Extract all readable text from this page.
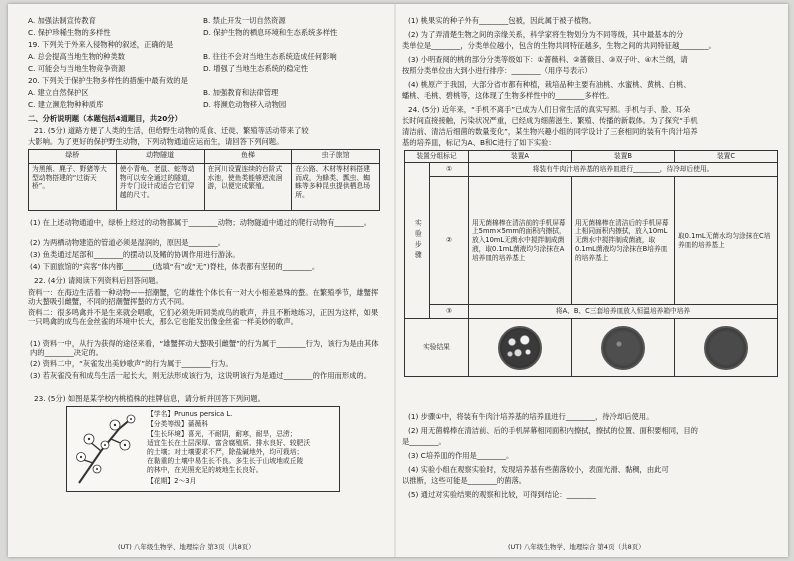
A. 加强法制宣传教育	B. 禁止开发一切自然资源
C. 保护珍稀生物的多样性	D. 保护生物的栖息环境和生态系统多样性
19. 下列关于外来入侵物种的叙述，正确的是
A. 总会提高当地生物的种类数	B. 往往不会对当地生态系统造成任何影响
C. 可能会与当地生物竞争资源	D. 增强了当地生态系统的稳定性
20. 下列关于保护生物多样性的措施中最有效的是
A. 建立自然保护区	B. 加强教育和法律管理
C. 建立濒危物种种质库	D. 将濒危动物移入动物园
二、分析说明题（本题包括4道题目，共20分）
21. (5分) 道路方便了人类的生活，但给野生动物的觅食、迁徙、繁殖等活动带来了较
大影响。为了更好的保护野生动物，下列动物通道应运而生，请回答下列问题。
绿桥	动物隧道	鱼梯	虫子旅馆
为黑熊、麂子、野猪等大型动物搭建的“过街天桥”。	使小青龟、老鼠、蛇等动物可以安全通过的隧道，并专门设计成适合它们穿越的尺寸。	在河川设置连续的台阶式水池，使鱼类能够逆流洄游，以便完成繁殖。	在公路、木材等材料搭建而成，为蜂类、瓢虫、蜘蛛等多种昆虫提供栖息场所。
(1) 在上述动物通道中，绿桥上经过的动物都属于________动物；动物隧道中通过的爬行动物有________。
(2) 为两栖动物建造的管道必须是湿润的，原因是________。
(3) 鱼类通过尾部和________的摆动以及鳍的协调作用进行游泳。
(4) 下面旅馆的“宾客”体内都________(选填“有”或“无”)脊柱，体表都有坚韧的________。
22. (4分) 请阅读下列资料后回答问题。
资料一：在海边生活着一种动物——招潮蟹，它的雄性个体长有一对大小相差悬殊的螯。在繁殖季节，雄蟹挥动大螯吸引雌蟹，不同的招潮蟹挥螯的方式不同。
资料二：很多鸣禽并不是生来就会唱歌，它们必须先听同类成鸟的歌声，并且不断地练习，正因为这样，如果一只鸣禽的成鸟在金丝雀的环境中长大，那么它也能发出像金丝雀一样美妙的歌声。
(1) 资料一中，从行为获得的途径来看，“雄蟹挥动大螯吸引雌蟹”的行为属于________行为，该行为是由其体内的________决定的。
(2) 资料二中，“灰雀发出美妙歌声”的行为属于________行为。
(3) 若灰雀没有和成鸟生活一起长大，则无法形成该行为，这说明该行为是通过________的作用而形成的。
23. (5分) 如图是某学校内桃植株的挂牌信息，请分析并回答下列问题。
【学名】Prunus persica L.
【分类等级】蔷薇科
【生长环境】喜光，不耐阴，耐寒，耐旱，忌涝；
适宜生长在土层深厚、富含腐殖质、排水良好、较肥沃
的土壤；对土壤要求不严，除盐碱地外，均可栽培；
在黏重的土壤中易生长不良。多生长于山坡地或丘陵
的林中，在光照充足的坡地生长良好。
【花期】2～3月
(UT) 八年级生物学、地理综合 第3页（共8页）
(1) 桃果实的种子外有________包被，因此属于被子植物。
(2) 为了弄清楚生物之间的亲缘关系，科学家将生物划分为不同等级，其中最基本的分
类单位是________，分类单位越小，包含的生物共同特征越多，生物之间的共同特征越________。
(3) 小明查阅的桃的部分分类等级如下：①蔷薇科、②蔷薇目、③双子叶、④木兰纲，请
按照分类单位由大到小进行排序：________（用序号表示）
(4) 桃原产于我国，大部分省市都有种植，栽培品种主要有油桃、水蜜桃、黄桃、白桃、
蟠桃、毛桃、碧桃等，这体现了生物多样性中的________多样性。
24. (5分) 近年来，“手机不离手”已成为人们日常生活的真实写照。手机与手、脸、耳朵
长时间直接接触，污染状况严重，已经成为细菌滋生、繁殖、传播的新载体。为了探究“手机
清洁前、清洁后细菌的数量变化”，某生物兴趣小组的同学设计了三套相同的装有牛肉汁培养
基的培养皿，标记为A、B和C进行了如下实验：
装置分组标记		装置A	装置B	装置C
实验步骤	①	将装有牛肉汁培养基的培养皿进行________，待冷却后使用。		
	②	用无菌棉棒在清洁前的手机屏幕上5mm×5mm的面积内擦拭，放入10mL无菌水中搅拌制成菌液，取0.1mL菌液均匀涂抹在A培养皿的培养基上	用无菌棉棒在清洁后的手机屏幕上相同面积内擦拭，放入10mL无菌水中搅拌制成菌液，取0.1mL菌液均匀涂抹在B培养皿的培养基上	取0.1mL无菌水均匀涂抹在C培养皿的培养基上
	③	将A、B、C三套培养皿放入恒温培养箱中培养		
实验结果		

(1) 步骤①中，将装有牛肉汁培养基的培养皿进行________，待冷却后使用。
(2) 用无菌棉棒在清洁前、后的手机屏幕相同面积内擦拭，擦拭的位置、面积要相同，目的
是________。
(3) C培养皿的作用是________。
(4) 实验小组在观察实验时，发现培养基有些菌落较小，表面光滑、黏稠，由此可
以推断，这些可能是________的菌落。
(5) 通过对实验结果的观察和比较，可得到结论：________
(UT) 八年级生物学、地理综合 第4页（共8页）
